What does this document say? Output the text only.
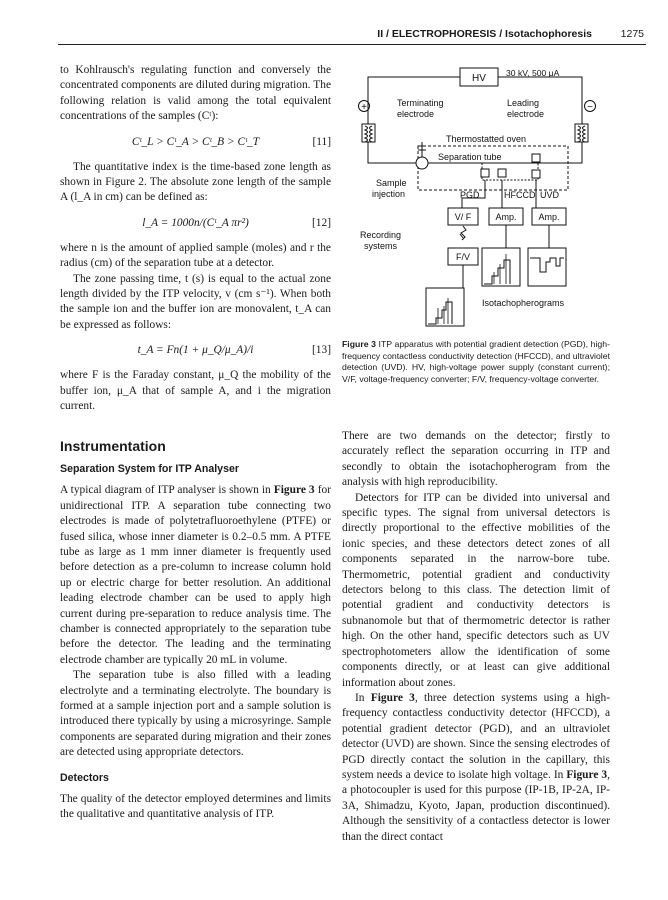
II / ELECTROPHORESIS / Isotachophoresis	1275

to Kohlrausch's regulating function and conversely the concentrated components are diluted during migration. The following relation is valid among the total equivalent concentrations of the samples (Cᵗ):

Cᵗ_L > Cᵗ_A > Cᵗ_B > Cᵗ_T	[11]

The quantitative index is the time-based zone length as shown in Figure 2. The absolute zone length of the sample A (l_A in cm) can be defined as:

l_A = 1000n/(Cᵗ_A πr²)	[12]

where n is the amount of applied sample (moles) and r the radius (cm) of the separation tube at a detector.

The zone passing time, t (s) is equal to the actual zone length divided by the ITP velocity, v (cm s⁻¹). When both the sample ion and the buffer ion are monovalent, t_A can be expressed as follows:

t_A = Fn(1 + μ_Q/μ_A)/i	[13]

where F is the Faraday constant, μ_Q the mobility of the buffer ion, μ_A that of sample A, and i the migration current.

Instrumentation
Separation System for ITP Analyser

A typical diagram of ITP analyser is shown in Figure 3 for unidirectional ITP. A separation tube connecting two electrodes is made of polytetrafluoroethylene (PTFE) or fused silica, whose inner diameter is 0.2–0.5 mm. A PTFE tube as large as 1 mm inner diameter is frequently used before detection as a pre-column to increase column hold up or electric charge for better resolution. An additional leading electrode chamber can be used to apply high current during pre-separation to reduce analysis time. The chamber is connected appropriately to the separation tube before the detector. The leading and the terminating electrode chamber are typically 20 mL in volume.

The separation tube is also filled with a leading electrolyte and a terminating electrolyte. The boundary is formed at a sample injection port and a sample solution is introduced there typically by using a microsyringe. Sample components are separated during migration and their zones are detected using appropriate detectors.

Detectors

The quality of the detector employed determines and limits the qualitative and quantitative analysis of ITP.

HV 30 kV, 500 μA
+	−
Terminating
electrode
Leading
electrode
Thermostatted oven
Separation tube
Sample
injection	PGD	HFCCD UVD
V/ F	Amp. Amp.
Recording
systems
F/V
Isotachopherograms
Figure 3 ITP apparatus with potential gradient detection (PGD), high-frequency contactless conductivity detection (HFCCD), and ultraviolet detection (UVD). HV, high-voltage power supply (constant current); V/F, voltage-frequency converter; F/V, frequency-voltage converter.

There are two demands on the detector; firstly to accurately reflect the separation occurring in ITP and secondly to obtain the isotachopherogram from the analysis with high reproducibility.

Detectors for ITP can be divided into universal and specific types. The signal from universal detectors is directly proportional to the effective mobilities of the ionic species, and these detectors detect zones of all components separated in the narrow-bore tube. Thermometric, potential gradient and conductivity detectors belong to this class. The detection limit of potential gradient and conductivity detectors is subnanomole but that of thermometric detector is rather high. On the other hand, specific detectors such as UV spectrophotometers allow the identification of some components directly, or at least can give additional information about zones.

In Figure 3, three detection systems using a high-frequency contactless conductivity detector (HFCCD), a potential gradient detector (PGD), and an ultraviolet detector (UVD) are shown. Since the sensing electrodes of PGD directly contact the solution in the capillary, this system needs a device to isolate high voltage. In Figure 3, a photocoupler is used for this purpose (IP-1B, IP-2A, IP-3A, Shimadzu, Kyoto, Japan, production discontinued). Although the sensitivity of a contactless detector is lower than the direct contact
